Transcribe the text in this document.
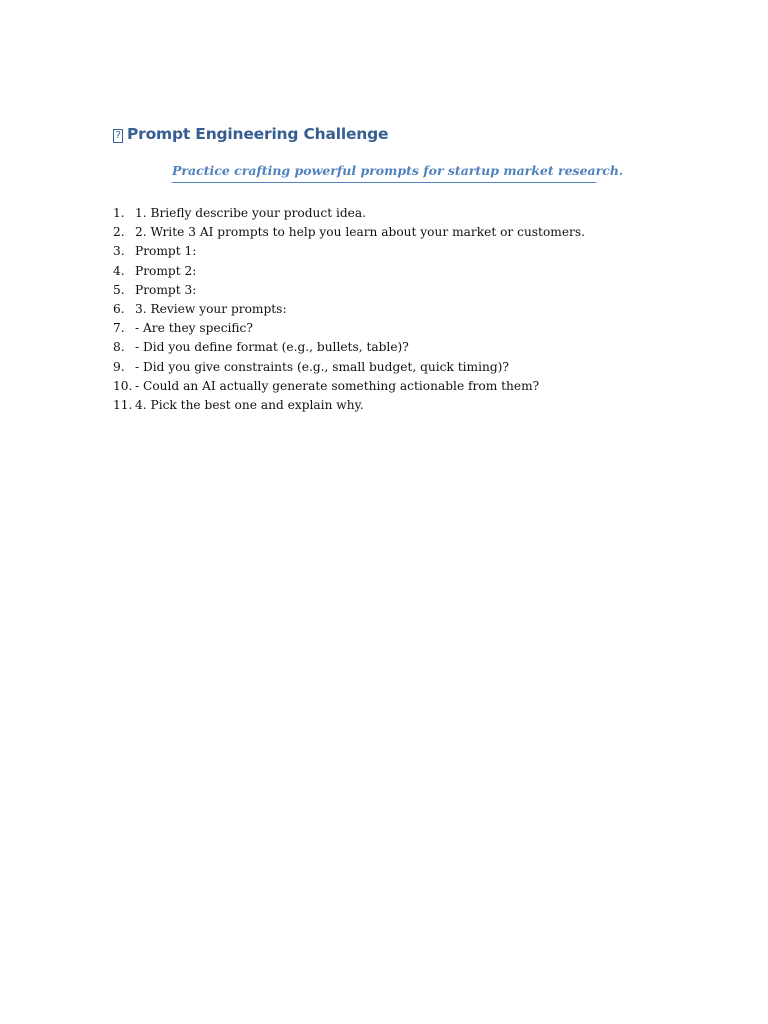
? Prompt Engineering Challenge
Practice crafting powerful prompts for startup market research.
1. 1. Briefly describe your product idea.
2. 2. Write 3 AI prompts to help you learn about your market or customers.
3. Prompt 1:
4. Prompt 2:
5. Prompt 3:
6. 3. Review your prompts:
7. - Are they specific?
8. - Did you define format (e.g., bullets, table)?
9. - Did you give constraints (e.g., small budget, quick timing)?
10. - Could an AI actually generate something actionable from them?
11. 4. Pick the best one and explain why.
